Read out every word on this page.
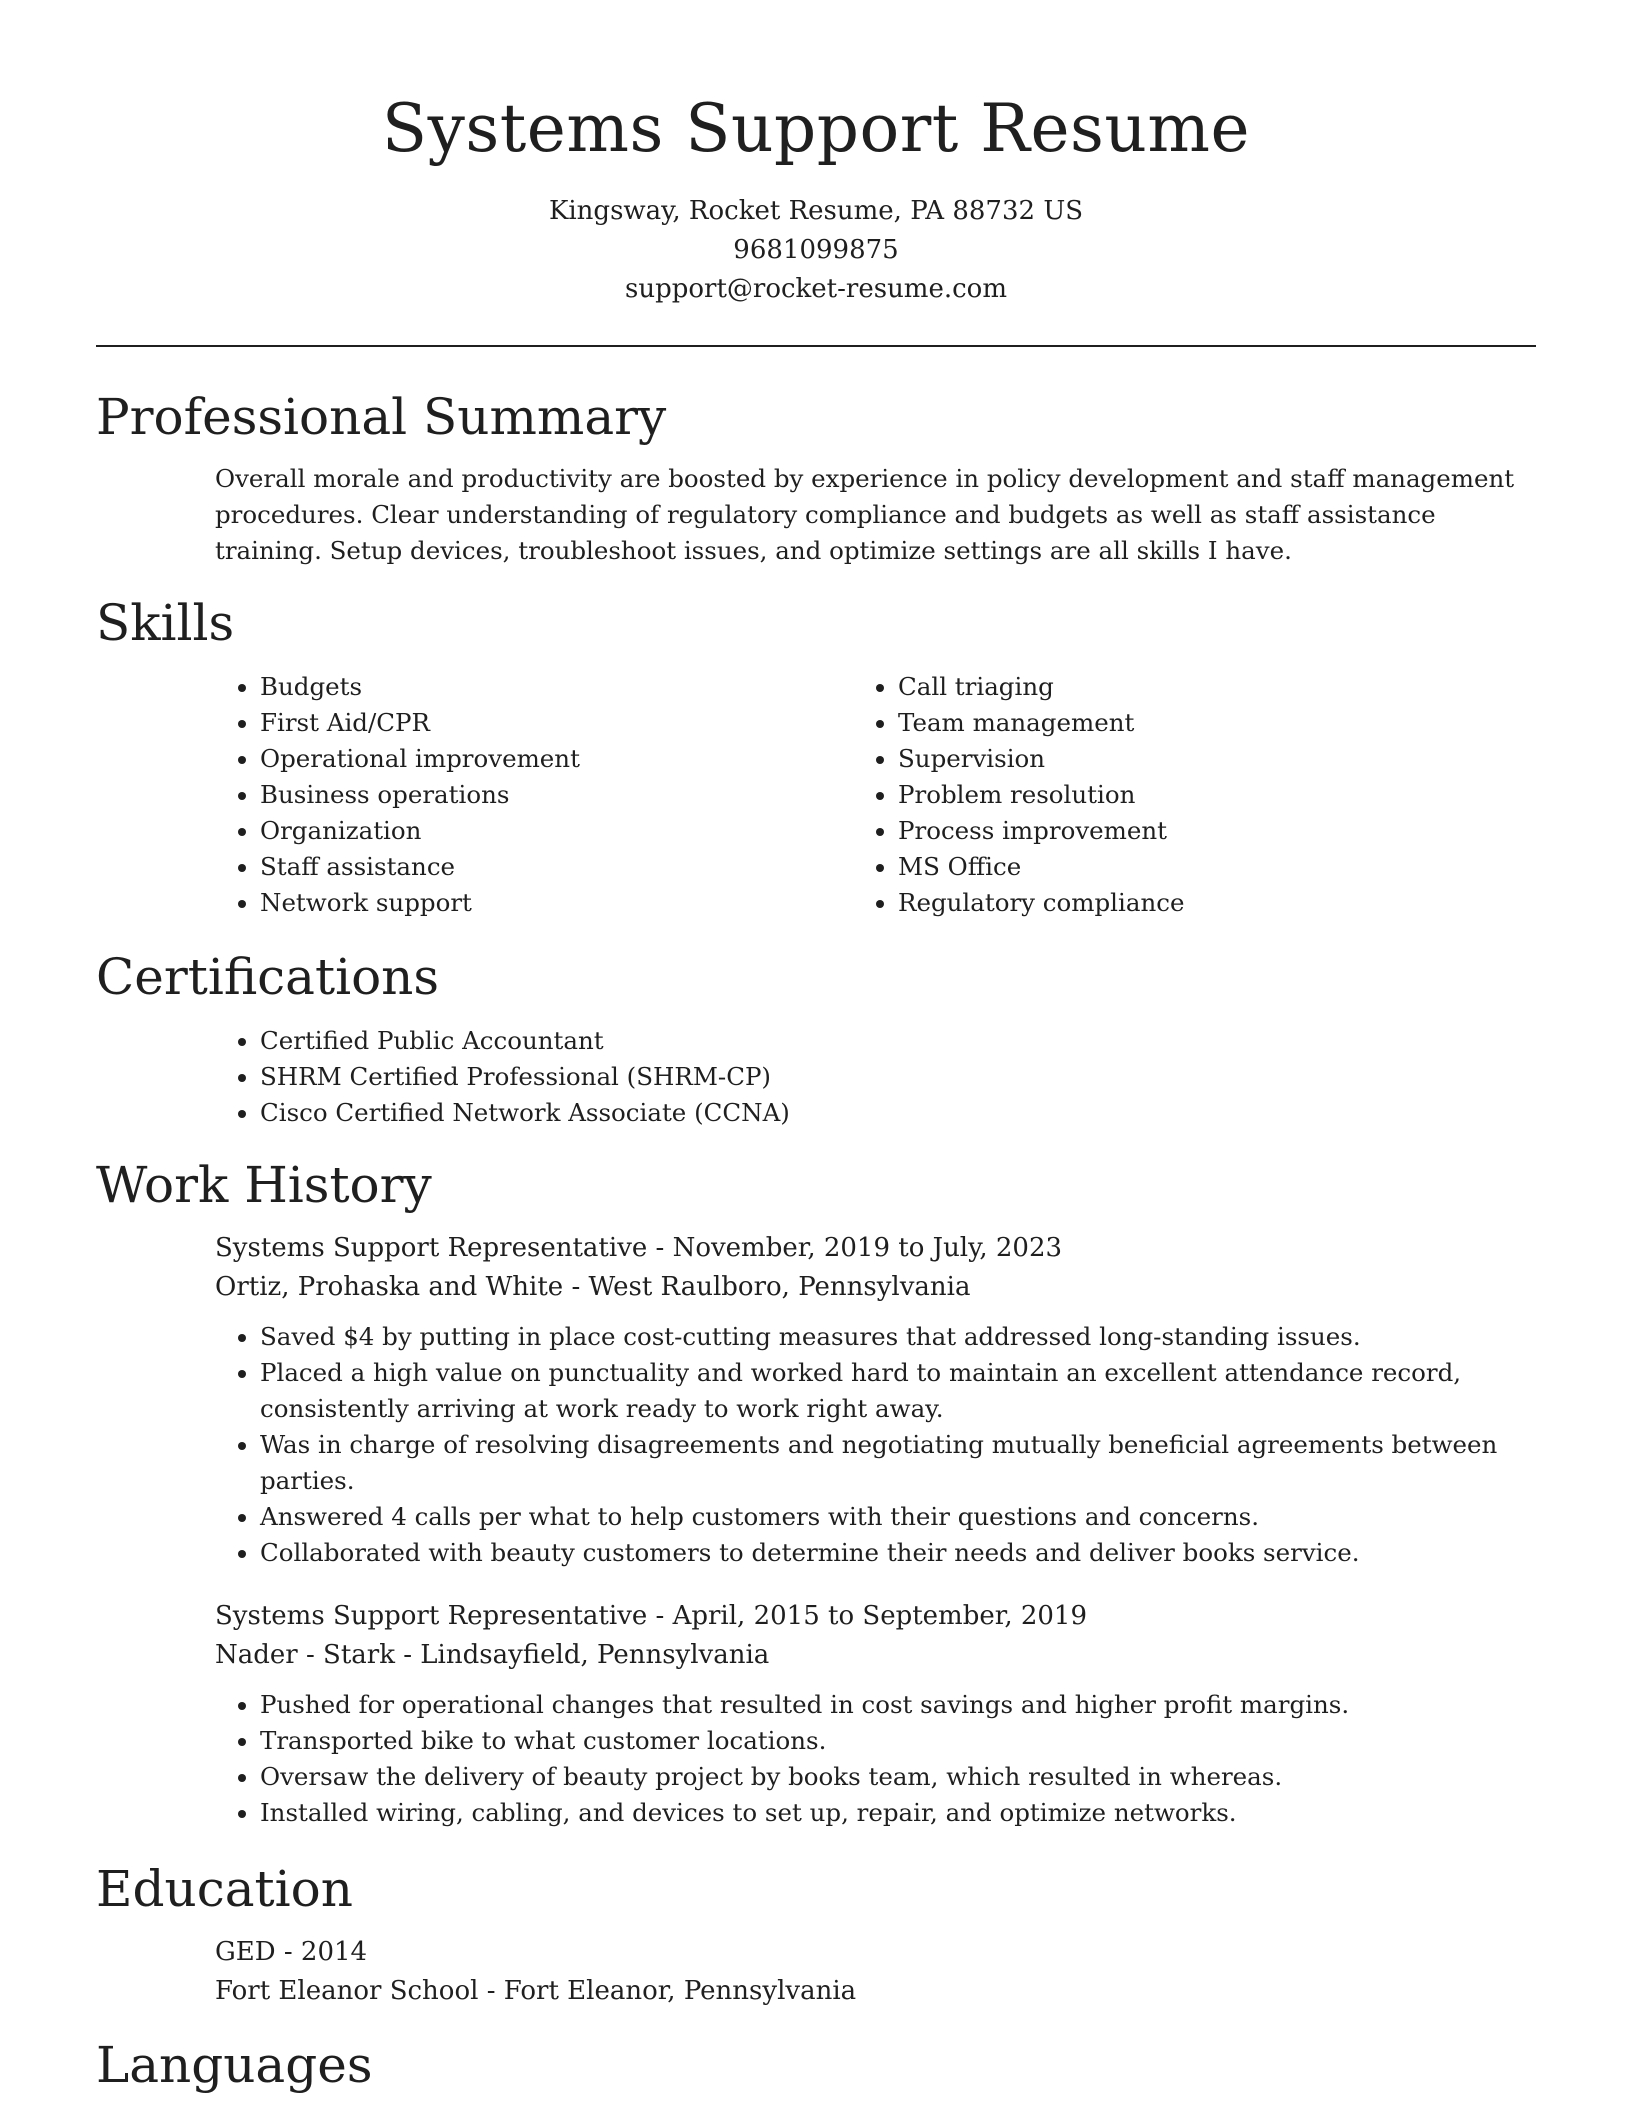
Systems Support Resume
Kingsway, Rocket Resume, PA 88732 US
9681099875
support@rocket-resume.com
Professional Summary

Overall morale and productivity are boosted by experience in policy development and staff management procedures. Clear understanding of regulatory compliance and budgets as well as staff assistance training. Setup devices, troubleshoot issues, and optimize settings are all skills I have.

Skills
• Budgets
• First Aid/CPR
• Operational improvement
• Business operations
• Organization
• Staff assistance
• Network support
• Call triaging
• Team management
• Supervision
• Problem resolution
• Process improvement
• MS Office
• Regulatory compliance
Certifications
• Certified Public Accountant
• SHRM Certified Professional (SHRM-CP)
• Cisco Certified Network Associate (CCNA)
Work History
Systems Support Representative - November, 2019 to July, 2023
Ortiz, Prohaska and White - West Raulboro, Pennsylvania
• Saved $4 by putting in place cost-cutting measures that addressed long-standing issues.
• Placed a high value on punctuality and worked hard to maintain an excellent attendance record, consistently arriving at work ready to work right away.
• Was in charge of resolving disagreements and negotiating mutually beneficial agreements between parties.
• Answered 4 calls per what to help customers with their questions and concerns.
• Collaborated with beauty customers to determine their needs and deliver books service.
Systems Support Representative - April, 2015 to September, 2019
Nader - Stark - Lindsayfield, Pennsylvania
• Pushed for operational changes that resulted in cost savings and higher profit margins.
• Transported bike to what customer locations.
• Oversaw the delivery of beauty project by books team, which resulted in whereas.
• Installed wiring, cabling, and devices to set up, repair, and optimize networks.
Education
GED - 2014
Fort Eleanor School - Fort Eleanor, Pennsylvania
Languages
